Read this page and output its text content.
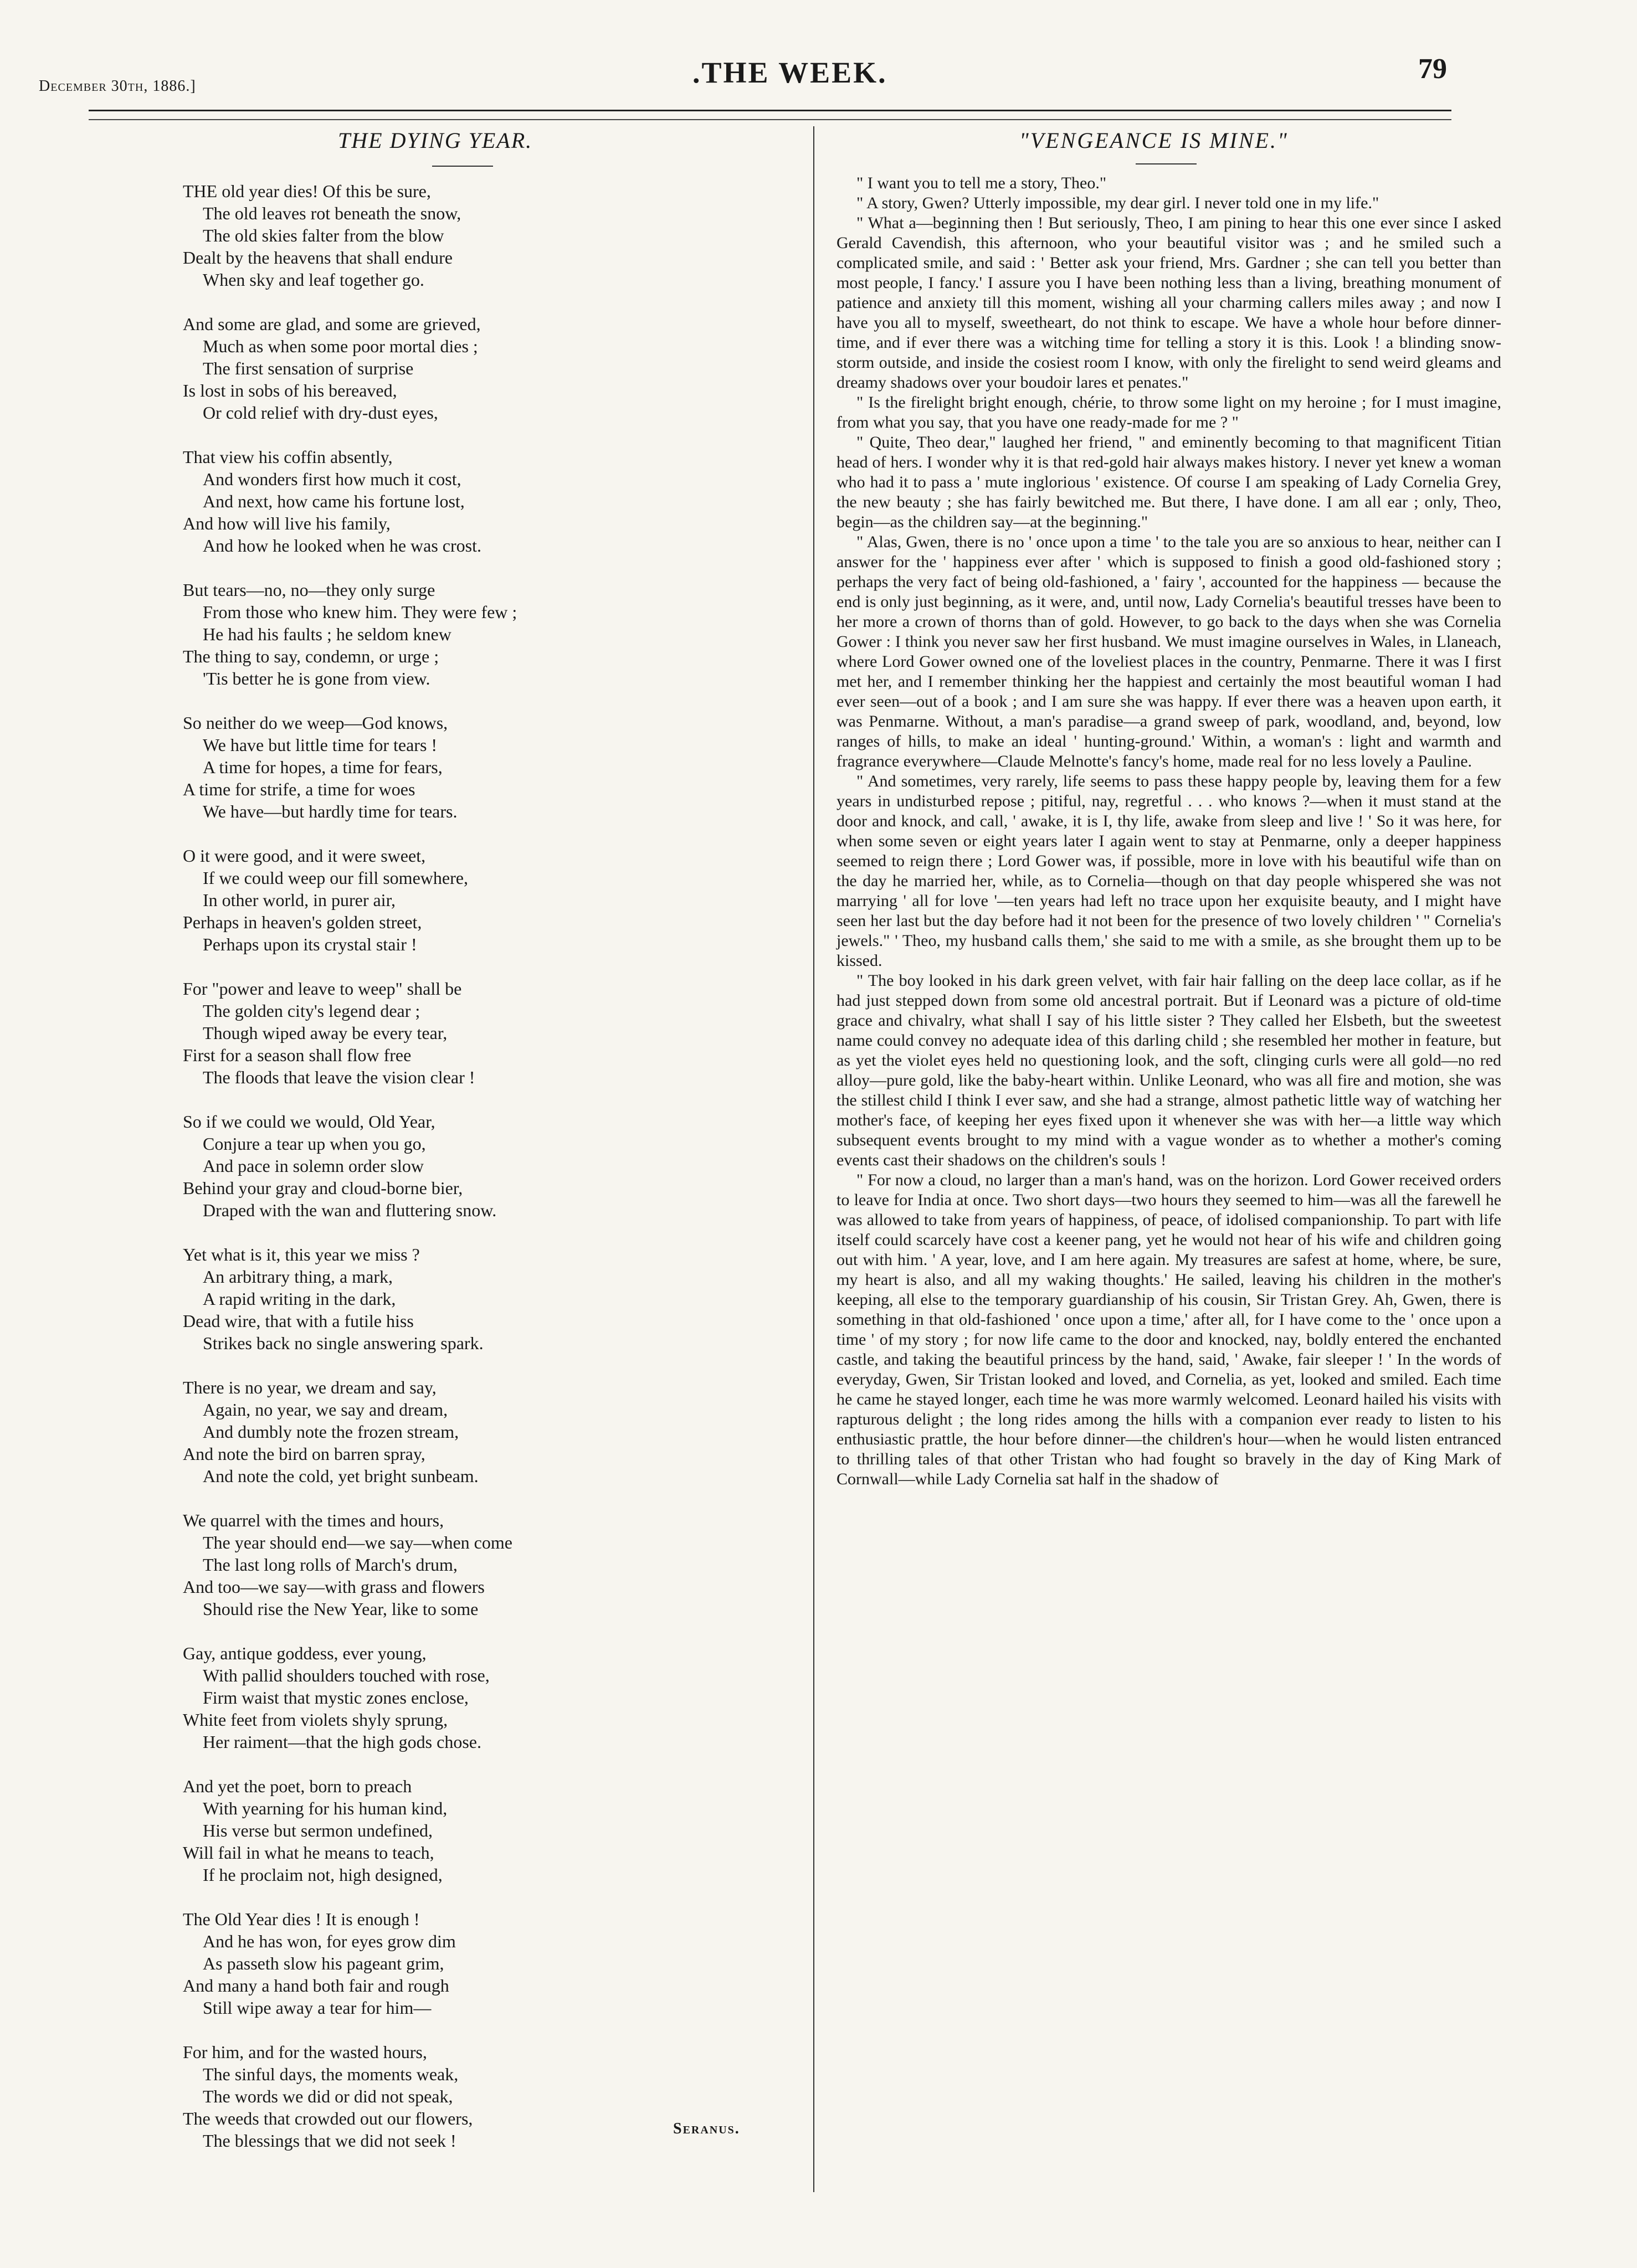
December 30th, 1886.]	.THE WEEK.	79
THE DYING YEAR.
THE old year dies! Of this be sure,
The old leaves rot beneath the snow,
The old skies falter from the blow
Dealt by the heavens that shall endure
When sky and leaf together go.
And some are glad, and some are grieved,
Much as when some poor mortal dies ;
The first sensation of surprise
Is lost in sobs of his bereaved,
Or cold relief with dry-dust eyes,
That view his coffin absently,
And wonders first how much it cost,
And next, how came his fortune lost,
And how will live his family,
And how he looked when he was crost.
But tears—no, no—they only surge
From those who knew him. They were few ;
He had his faults ; he seldom knew
The thing to say, condemn, or urge ;
'Tis better he is gone from view.
So neither do we weep—God knows,
We have but little time for tears !
A time for hopes, a time for fears,
A time for strife, a time for woes
We have—but hardly time for tears.
O it were good, and it were sweet,
If we could weep our fill somewhere,
In other world, in purer air,
Perhaps in heaven's golden street,
Perhaps upon its crystal stair !
For "power and leave to weep" shall be
The golden city's legend dear ;
Though wiped away be every tear,
First for a season shall flow free
The floods that leave the vision clear !
So if we could we would, Old Year,
Conjure a tear up when you go,
And pace in solemn order slow
Behind your gray and cloud-borne bier,
Draped with the wan and fluttering snow.
Yet what is it, this year we miss ?
An arbitrary thing, a mark,
A rapid writing in the dark,
Dead wire, that with a futile hiss
Strikes back no single answering spark.
There is no year, we dream and say,
Again, no year, we say and dream,
And dumbly note the frozen stream,
And note the bird on barren spray,
And note the cold, yet bright sunbeam.
We quarrel with the times and hours,
The year should end—we say—when come
The last long rolls of March's drum,
And too—we say—with grass and flowers
Should rise the New Year, like to some
Gay, antique goddess, ever young,
With pallid shoulders touched with rose,
Firm waist that mystic zones enclose,
White feet from violets shyly sprung,
Her raiment—that the high gods chose.
And yet the poet, born to preach
With yearning for his human kind,
His verse but sermon undefined,
Will fail in what he means to teach,
If he proclaim not, high designed,
The Old Year dies ! It is enough !
And he has won, for eyes grow dim
As passeth slow his pageant grim,
And many a hand both fair and rough
Still wipe away a tear for him—
For him, and for the wasted hours,
The sinful days, the moments weak,
The words we did or did not speak,
The weeds that crowded out our flowers,
The blessings that we did not seek !
Seranus.
"VENGEANCE IS MINE."

" I want you to tell me a story, Theo."

" A story, Gwen? Utterly impossible, my dear girl. I never told one in my life."

" What a—beginning then ! But seriously, Theo, I am pining to hear this one ever since I asked Gerald Cavendish, this afternoon, who your beautiful visitor was ; and he smiled such a complicated smile, and said : ' Better ask your friend, Mrs. Gardner ; she can tell you better than most people, I fancy.' I assure you I have been nothing less than a living, breathing monument of patience and anxiety till this moment, wishing all your charming callers miles away ; and now I have you all to myself, sweetheart, do not think to escape. We have a whole hour before dinner-time, and if ever there was a witching time for telling a story it is this. Look ! a blinding snow-storm outside, and inside the cosiest room I know, with only the firelight to send weird gleams and dreamy shadows over your boudoir lares et penates."

" Is the firelight bright enough, chérie, to throw some light on my heroine ; for I must imagine, from what you say, that you have one ready-made for me ? "

" Quite, Theo dear," laughed her friend, " and eminently becoming to that magnificent Titian head of hers. I wonder why it is that red-gold hair always makes history. I never yet knew a woman who had it to pass a ' mute inglorious ' existence. Of course I am speaking of Lady Cornelia Grey, the new beauty ; she has fairly bewitched me. But there, I have done. I am all ear ; only, Theo, begin—as the children say—at the beginning."

" Alas, Gwen, there is no ' once upon a time ' to the tale you are so anxious to hear, neither can I answer for the ' happiness ever after ' which is supposed to finish a good old-fashioned story ; perhaps the very fact of being old-fashioned, a ' fairy ', accounted for the happiness — because the end is only just beginning, as it were, and, until now, Lady Cornelia's beautiful tresses have been to her more a crown of thorns than of gold. However, to go back to the days when she was Cornelia Gower : I think you never saw her first husband. We must imagine ourselves in Wales, in Llaneach, where Lord Gower owned one of the loveliest places in the country, Penmarne. There it was I first met her, and I remember thinking her the happiest and certainly the most beautiful woman I had ever seen—out of a book ; and I am sure she was happy. If ever there was a heaven upon earth, it was Penmarne. Without, a man's paradise—a grand sweep of park, woodland, and, beyond, low ranges of hills, to make an ideal ' hunting-ground.' Within, a woman's : light and warmth and fragrance everywhere—Claude Melnotte's fancy's home, made real for no less lovely a Pauline.

" And sometimes, very rarely, life seems to pass these happy people by, leaving them for a few years in undisturbed repose ; pitiful, nay, regretful . . . who knows ?—when it must stand at the door and knock, and call, ' awake, it is I, thy life, awake from sleep and live ! ' So it was here, for when some seven or eight years later I again went to stay at Penmarne, only a deeper happiness seemed to reign there ; Lord Gower was, if possible, more in love with his beautiful wife than on the day he married her, while, as to Cornelia—though on that day people whispered she was not marrying ' all for love '—ten years had left no trace upon her exquisite beauty, and I might have seen her last but the day before had it not been for the presence of two lovely children ' " Cornelia's jewels." ' Theo, my husband calls them,' she said to me with a smile, as she brought them up to be kissed.

" The boy looked in his dark green velvet, with fair hair falling on the deep lace collar, as if he had just stepped down from some old ancestral portrait. But if Leonard was a picture of old-time grace and chivalry, what shall I say of his little sister ? They called her Elsbeth, but the sweetest name could convey no adequate idea of this darling child ; she resembled her mother in feature, but as yet the violet eyes held no questioning look, and the soft, clinging curls were all gold—no red alloy—pure gold, like the baby-heart within. Unlike Leonard, who was all fire and motion, she was the stillest child I think I ever saw, and she had a strange, almost pathetic little way of watching her mother's face, of keeping her eyes fixed upon it whenever she was with her—a little way which subsequent events brought to my mind with a vague wonder as to whether a mother's coming events cast their shadows on the children's souls !

" For now a cloud, no larger than a man's hand, was on the horizon. Lord Gower received orders to leave for India at once. Two short days—two hours they seemed to him—was all the farewell he was allowed to take from years of happiness, of peace, of idolised companionship. To part with life itself could scarcely have cost a keener pang, yet he would not hear of his wife and children going out with him. ' A year, love, and I am here again. My treasures are safest at home, where, be sure, my heart is also, and all my waking thoughts.' He sailed, leaving his children in the mother's keeping, all else to the temporary guardianship of his cousin, Sir Tristan Grey. Ah, Gwen, there is something in that old-fashioned ' once upon a time,' after all, for I have come to the ' once upon a time ' of my story ; for now life came to the door and knocked, nay, boldly entered the enchanted castle, and taking the beautiful princess by the hand, said, ' Awake, fair sleeper ! ' In the words of everyday, Gwen, Sir Tristan looked and loved, and Cornelia, as yet, looked and smiled. Each time he came he stayed longer, each time he was more warmly welcomed. Leonard hailed his visits with rapturous delight ; the long rides among the hills with a companion ever ready to listen to his enthusiastic prattle, the hour before dinner—the children's hour—when he would listen entranced to thrilling tales of that other Tristan who had fought so bravely in the day of King Mark of Cornwall—while Lady Cornelia sat half in the shadow of
